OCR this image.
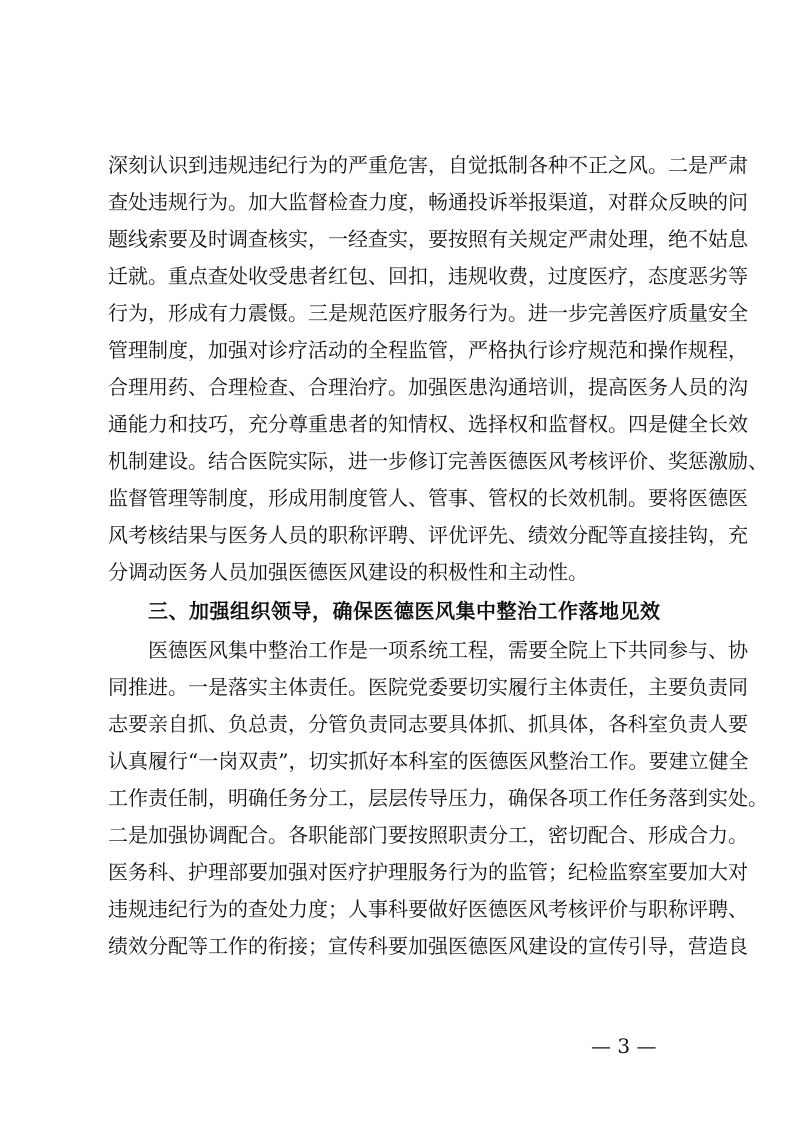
深刻认识到违规违纪行为的严重危害，自觉抵制各种不正之风。二是严肃
查处违规行为。加大监督检查力度，畅通投诉举报渠道，对群众反映的问
题线索要及时调查核实，一经查实，要按照有关规定严肃处理，绝不姑息
迁就。重点查处收受患者红包、回扣，违规收费，过度医疗，态度恶劣等
行为，形成有力震慑。三是规范医疗服务行为。进一步完善医疗质量安全
管理制度，加强对诊疗活动的全程监管，严格执行诊疗规范和操作规程，
合理用药、合理检查、合理治疗。加强医患沟通培训，提高医务人员的沟
通能力和技巧，充分尊重患者的知情权、选择权和监督权。四是健全长效
机制建设。结合医院实际，进一步修订完善医德医风考核评价、奖惩激励、
监督管理等制度，形成用制度管人、管事、管权的长效机制。要将医德医
风考核结果与医务人员的职称评聘、评优评先、绩效分配等直接挂钩，充
分调动医务人员加强医德医风建设的积极性和主动性。
三、加强组织领导，确保医德医风集中整治工作落地见效
医德医风集中整治工作是一项系统工程，需要全院上下共同参与、协
同推进。一是落实主体责任。医院党委要切实履行主体责任，主要负责同
志要亲自抓、负总责，分管负责同志要具体抓、抓具体，各科室负责人要
认真履行“一岗双责”，切实抓好本科室的医德医风整治工作。要建立健全
工作责任制，明确任务分工，层层传导压力，确保各项工作任务落到实处。
二是加强协调配合。各职能部门要按照职责分工，密切配合、形成合力。
医务科、护理部要加强对医疗护理服务行为的监管；纪检监察室要加大对
违规违纪行为的查处力度；人事科要做好医德医风考核评价与职称评聘、
绩效分配等工作的衔接；宣传科要加强医德医风建设的宣传引导，营造良
— 3 —
